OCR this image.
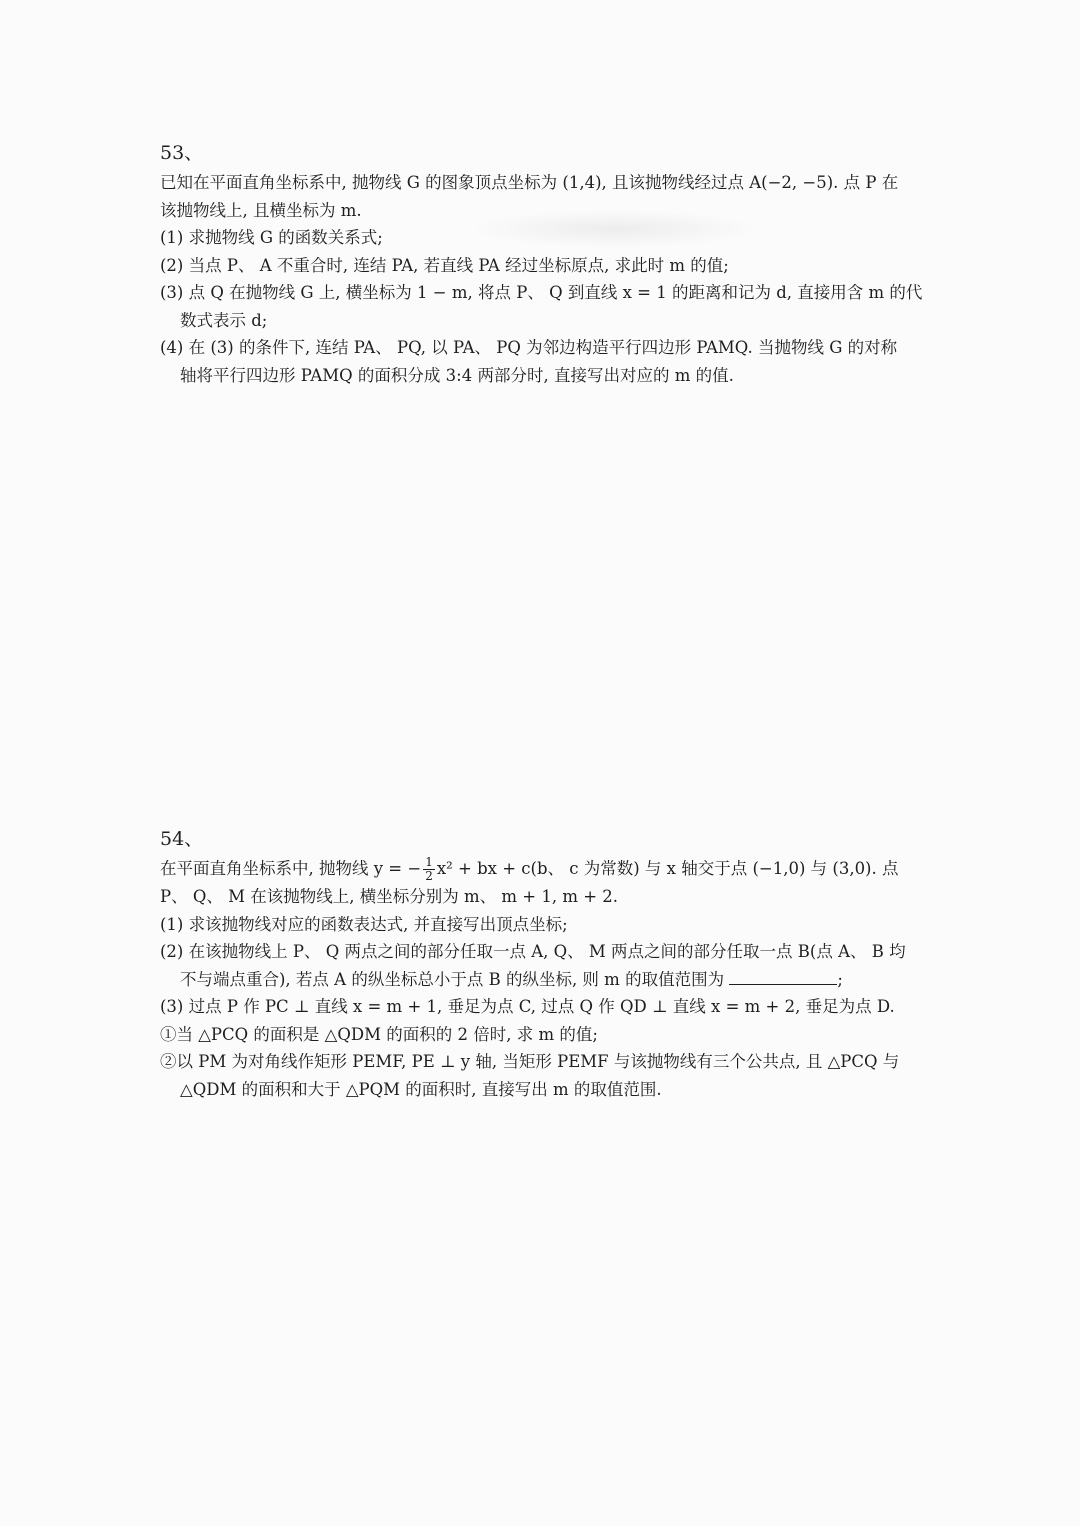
53、
已知在平面直角坐标系中, 抛物线 G 的图象顶点坐标为 (1,4), 且该抛物线经过点 A(−2, −5). 点 P 在
该抛物线上, 且横坐标为 m.
(1) 求抛物线 G 的函数关系式;
(2) 当点 P、 A 不重合时, 连结 PA, 若直线 PA 经过坐标原点, 求此时 m 的值;
(3) 点 Q 在抛物线 G 上, 横坐标为 1 − m, 将点 P、 Q 到直线 x = 1 的距离和记为 d, 直接用含 m 的代
数式表示 d;
(4) 在 (3) 的条件下, 连结 PA、 PQ, 以 PA、 PQ 为邻边构造平行四边形 PAMQ. 当抛物线 G 的对称
轴将平行四边形 PAMQ 的面积分成 3:4 两部分时, 直接写出对应的 m 的值.
54、
在平面直角坐标系中, 抛物线 y = − $\frac{1}{2} x^2$ + bx + c(b、 c 为常数) 与 x 轴交于点 (−1,0) 与 (3,0). 点
P、 Q、 M 在该抛物线上, 横坐标分别为 m、 m + 1, m + 2.
(1) 求该抛物线对应的函数表达式, 并直接写出顶点坐标;
(2) 在该抛物线上 P、 Q 两点之间的部分任取一点 A, Q、 M 两点之间的部分任取一点 B(点 A、 B 均
不与端点重合), 若点 A 的纵坐标总小于点 B 的纵坐标, 则 m 的取值范围为	;
(3) 过点 P 作 PC ⊥ 直线 x = m + 1, 垂足为点 C, 过点 Q 作 QD ⊥ 直线 x = m + 2, 垂足为点 D.
①当 △PCQ 的面积是 △QDM 的面积的 2 倍时, 求 m 的值;
②以 PM 为对角线作矩形 PEMF, PE ⊥ y 轴, 当矩形 PEMF 与该抛物线有三个公共点, 且 △PCQ 与
△QDM 的面积和大于 △PQM 的面积时, 直接写出 m 的取值范围.
